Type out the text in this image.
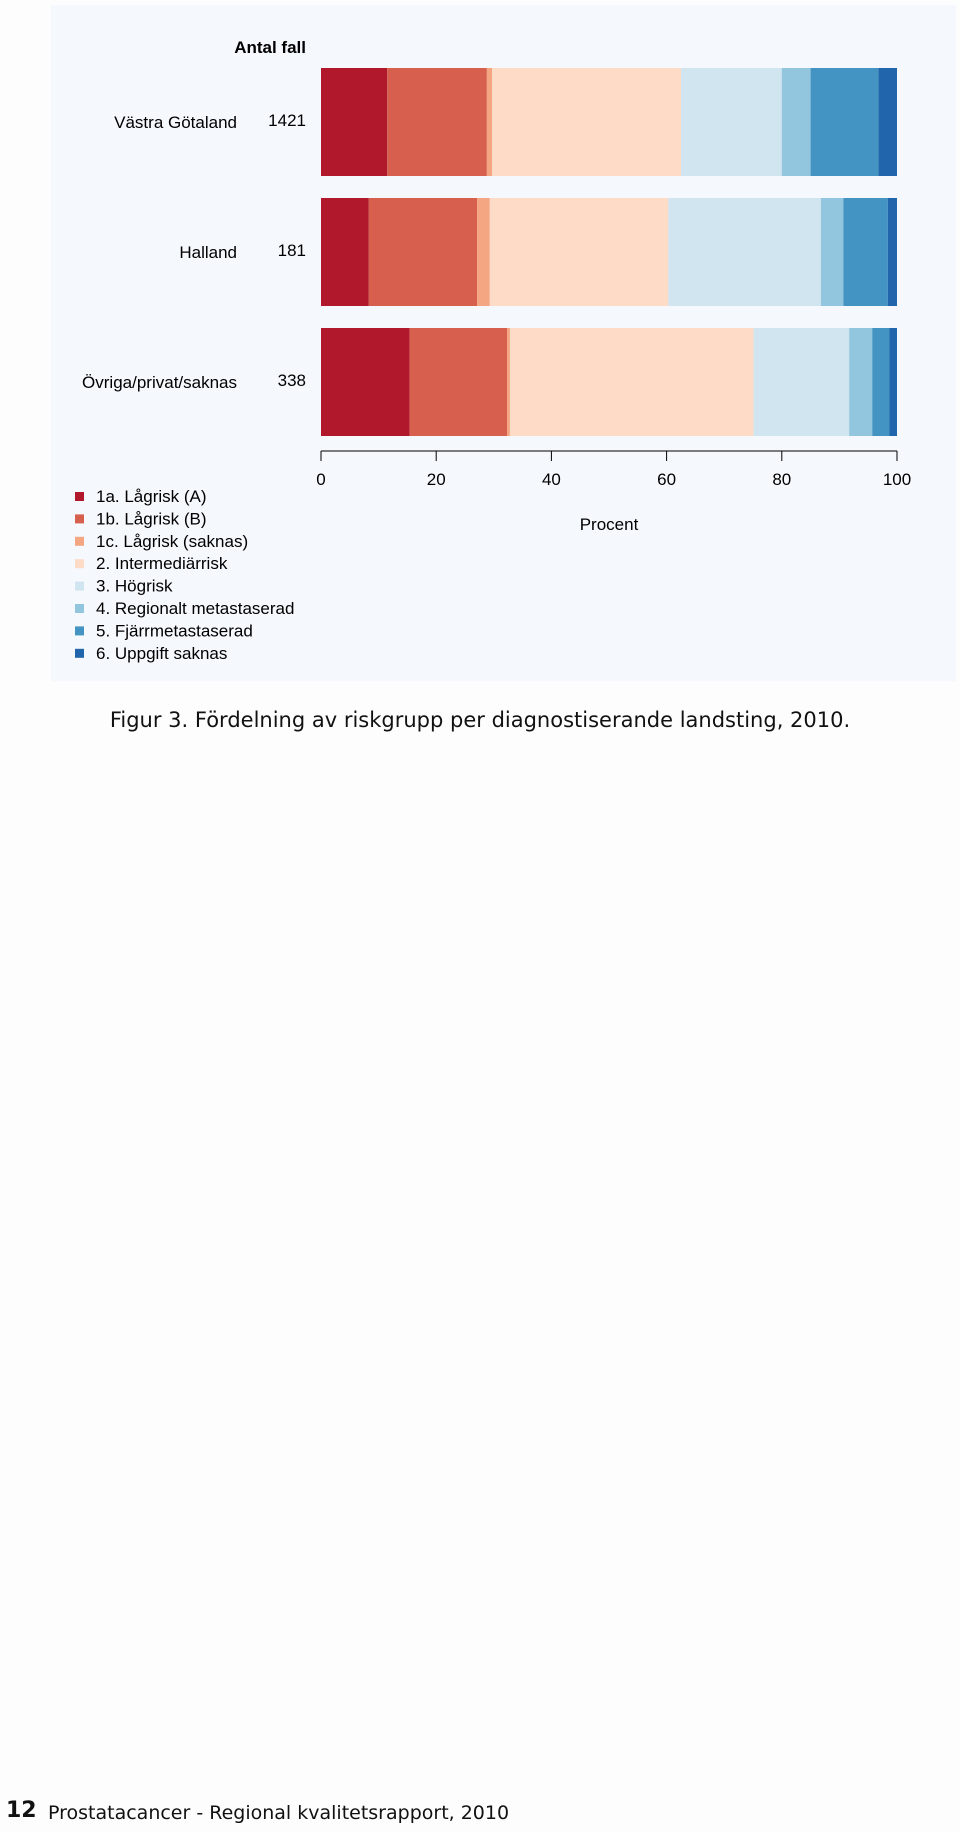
Antal fall
Västra Götaland 1421
Halland 181
Övriga/privat/saknas 338
0	20	40	60	80	100
Procent
1a. Lågrisk (A)
1b. Lågrisk (B)
1c. Lågrisk (saknas)
2. Intermediärrisk
3. Högrisk
4. Regionalt metastaserad
5. Fjärrmetastaserad
6. Uppgift saknas
Figur 3. Fördelning av riskgrupp per diagnostiserande landsting, 2010.
12 Prostatacancer - Regional kvalitetsrapport, 2010
